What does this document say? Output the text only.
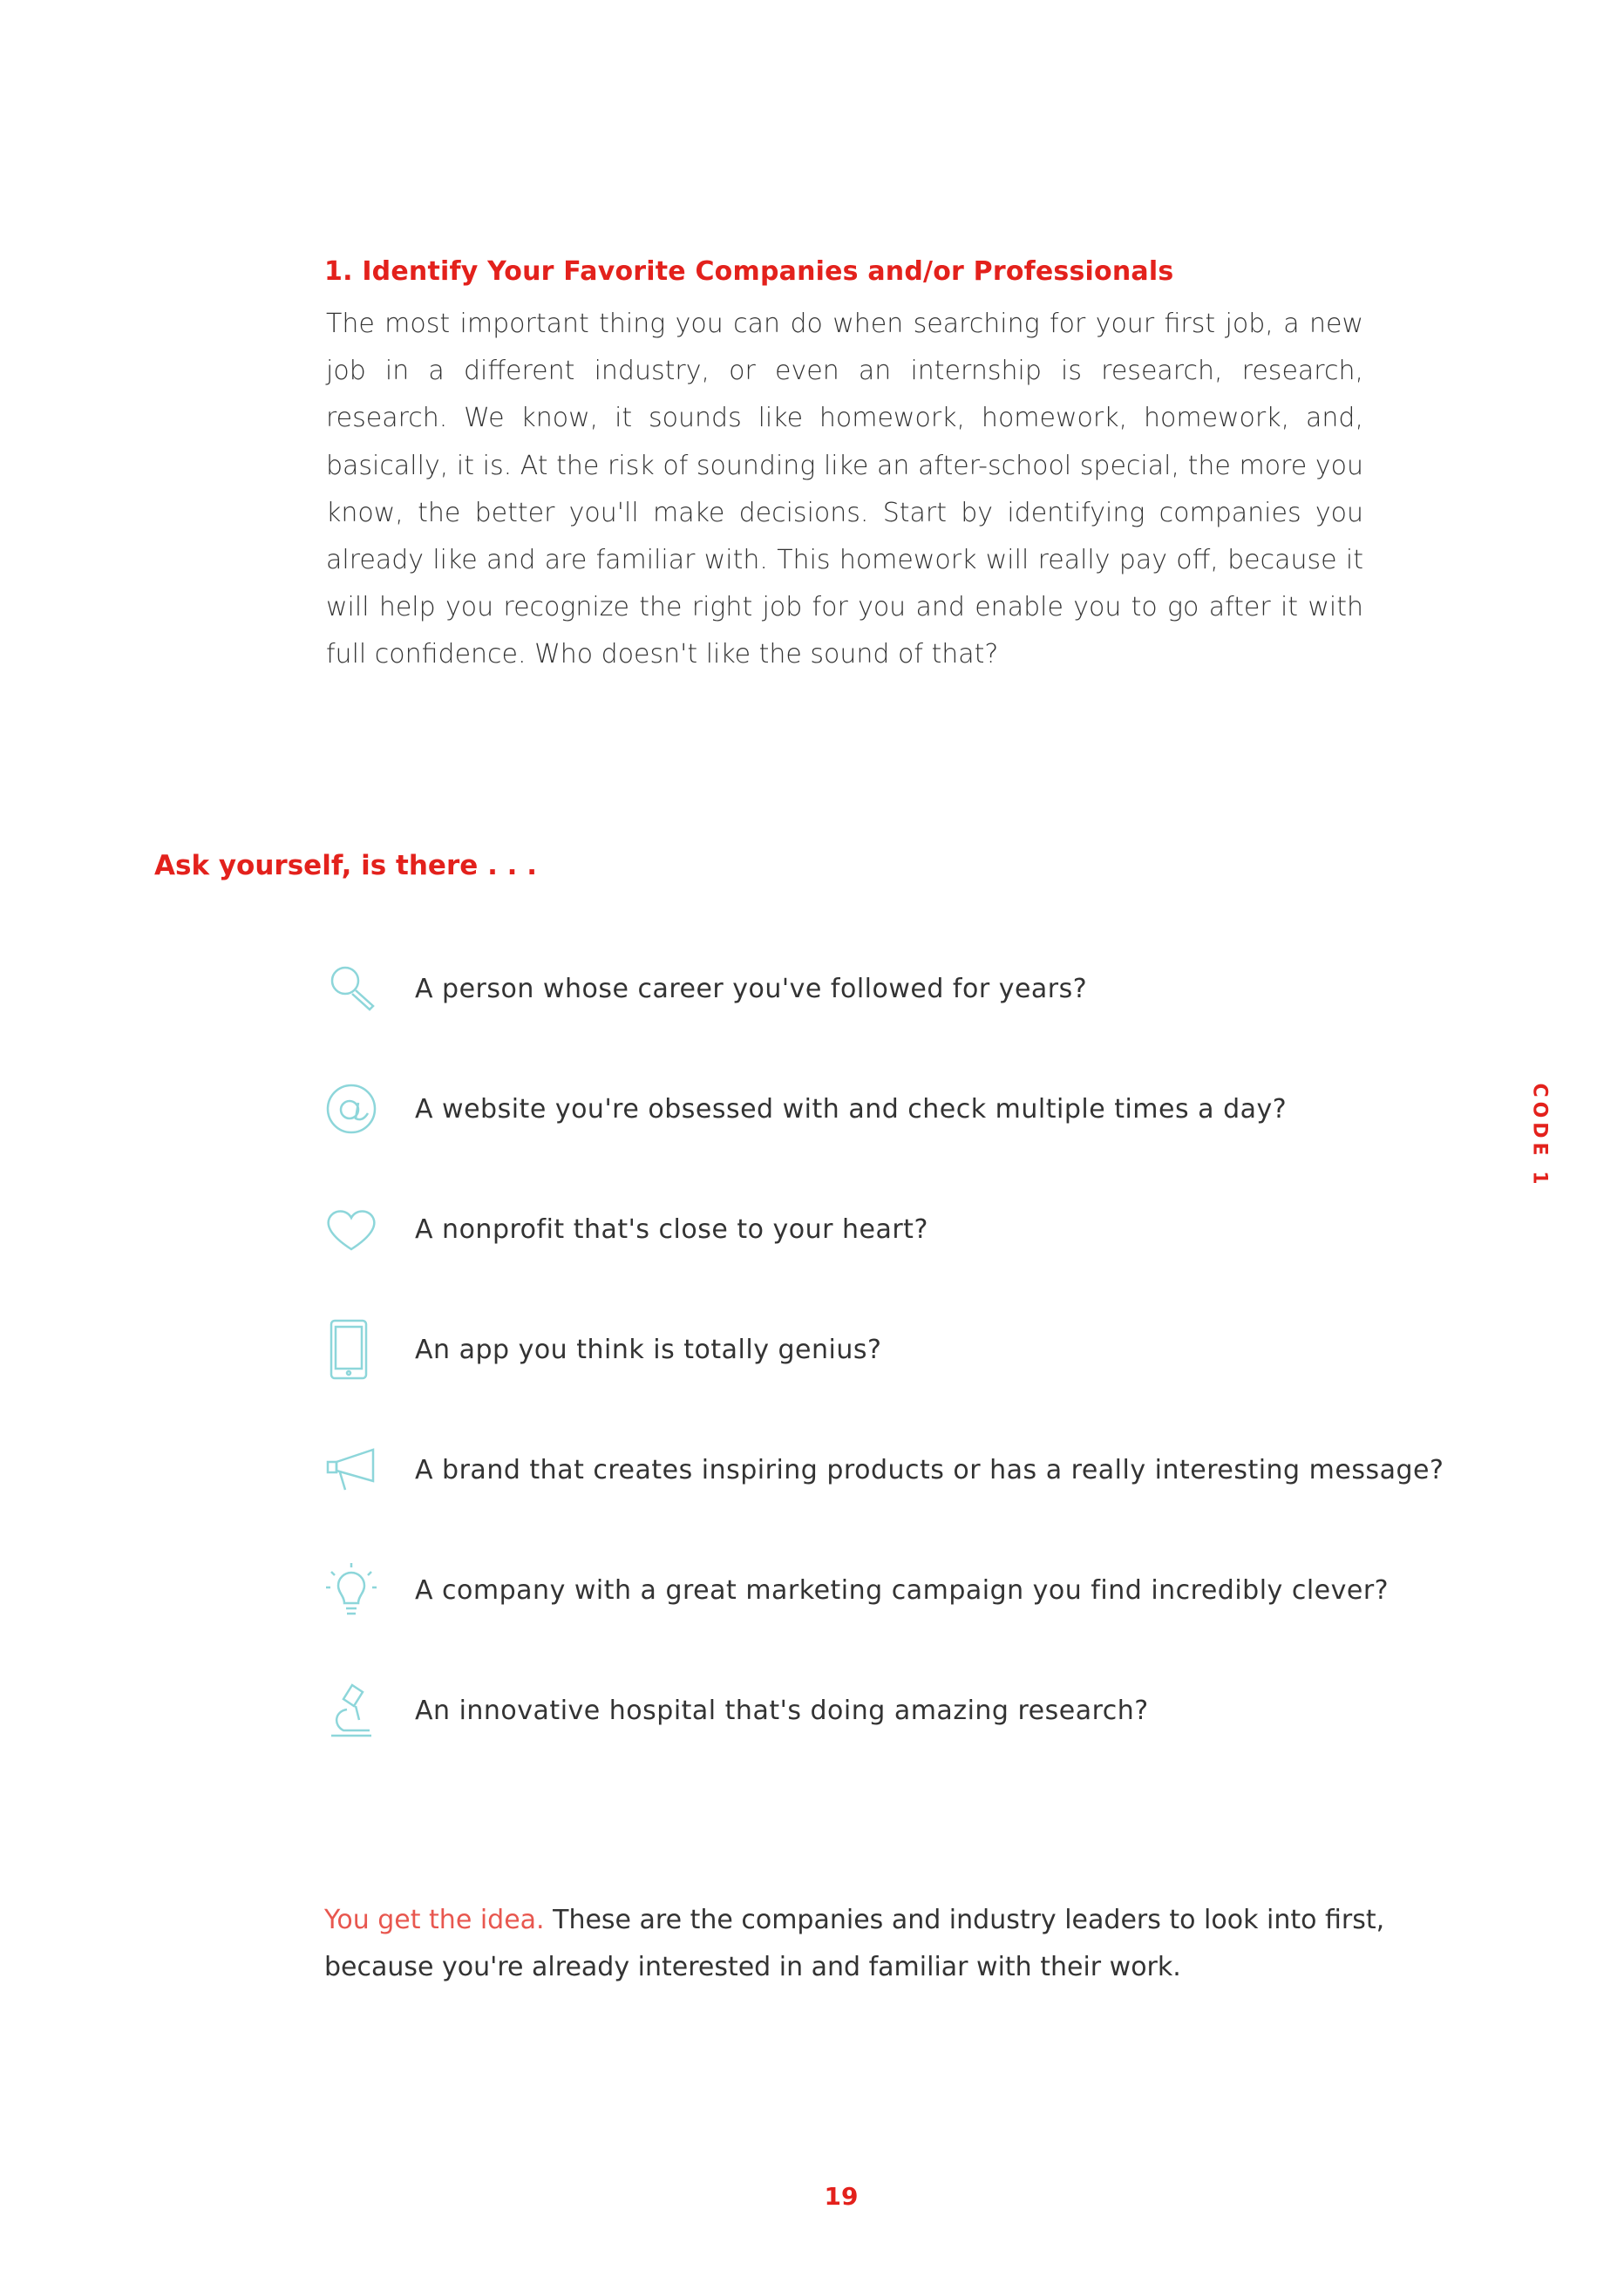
1. Identify Your Favorite Companies and/or Professionals
The most important thing you can do when searching for your first job, a new job in a different industry, or even an internship is research, research, research. We know, it sounds like homework, homework, homework, and, basically, it is. At the risk of sounding like an after-school special, the more you know, the better you'll make decisions. Start by identifying companies you already like and are familiar with. This homework will really pay off, because it will help you recognize the right job for you and enable you to go after it with full confidence. Who doesn't like the sound of that?
Ask yourself, is there . . .
A person whose career you've followed for years?
A website you're obsessed with and check multiple times a day?
A nonprofit that's close to your heart?
An app you think is totally genius?
A brand that creates inspiring products or has a really interesting message?
A company with a great marketing campaign you find incredibly clever?
An innovative hospital that's doing amazing research?
You get the idea. These are the companies and industry leaders to look into first, because you're already interested in and familiar with their work.
CODE 1
19
